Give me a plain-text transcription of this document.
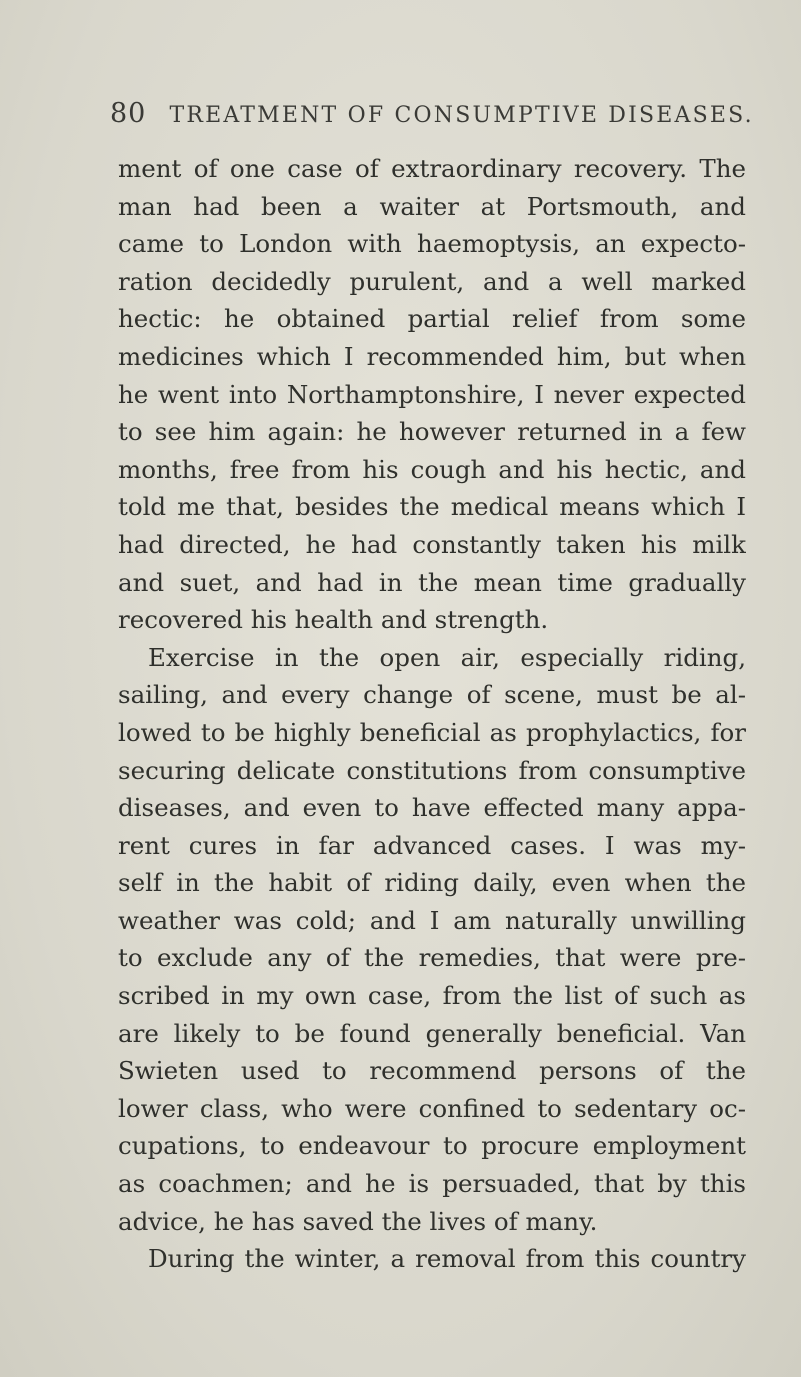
80 TREATMENT OF CONSUMPTIVE DISEASES.
ment of one case of extraordinary recovery. The
man had been a waiter at Portsmouth, and
came to London with haemoptysis, an expecto-
ration decidedly purulent, and a well marked
hectic: he obtained partial relief from some
medicines which I recommended him, but when
he went into Northamptonshire, I never expected
to see him again: he however returned in a few
months, free from his cough and his hectic, and
told me that, besides the medical means which I
had directed, he had constantly taken his milk
and suet, and had in the mean time gradually
recovered his health and strength.
Exercise in the open air, especially riding,
sailing, and every change of scene, must be al-
lowed to be highly beneficial as prophylactics, for
securing delicate constitutions from consumptive
diseases, and even to have effected many appa-
rent cures in far advanced cases. I was my-
self in the habit of riding daily, even when the
weather was cold; and I am naturally unwilling
to exclude any of the remedies, that were pre-
scribed in my own case, from the list of such as
are likely to be found generally beneficial. Van
Swieten used to recommend persons of the
lower class, who were confined to sedentary oc-
cupations, to endeavour to procure employment
as coachmen; and he is persuaded, that by this
advice, he has saved the lives of many.
During the winter, a removal from this country
